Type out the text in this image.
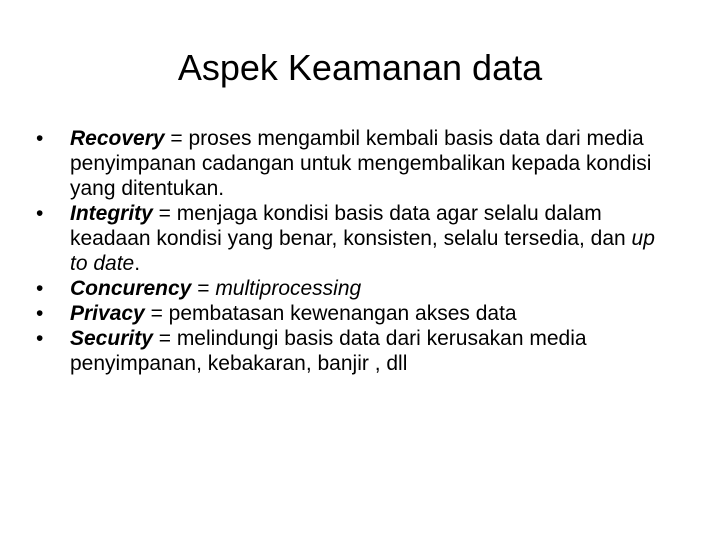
Aspek Keamanan data
•	Recovery = proses mengambil kembali basis data dari media penyimpanan cadangan untuk mengembalikan kepada kondisi yang ditentukan.
•	Integrity = menjaga kondisi basis data agar selalu dalam keadaan kondisi yang benar, konsisten, selalu tersedia, dan up to date.
•	Concurency = multiprocessing
•	Privacy = pembatasan kewenangan akses data
•	Security = melindungi basis data dari kerusakan media penyimpanan, kebakaran, banjir , dll
